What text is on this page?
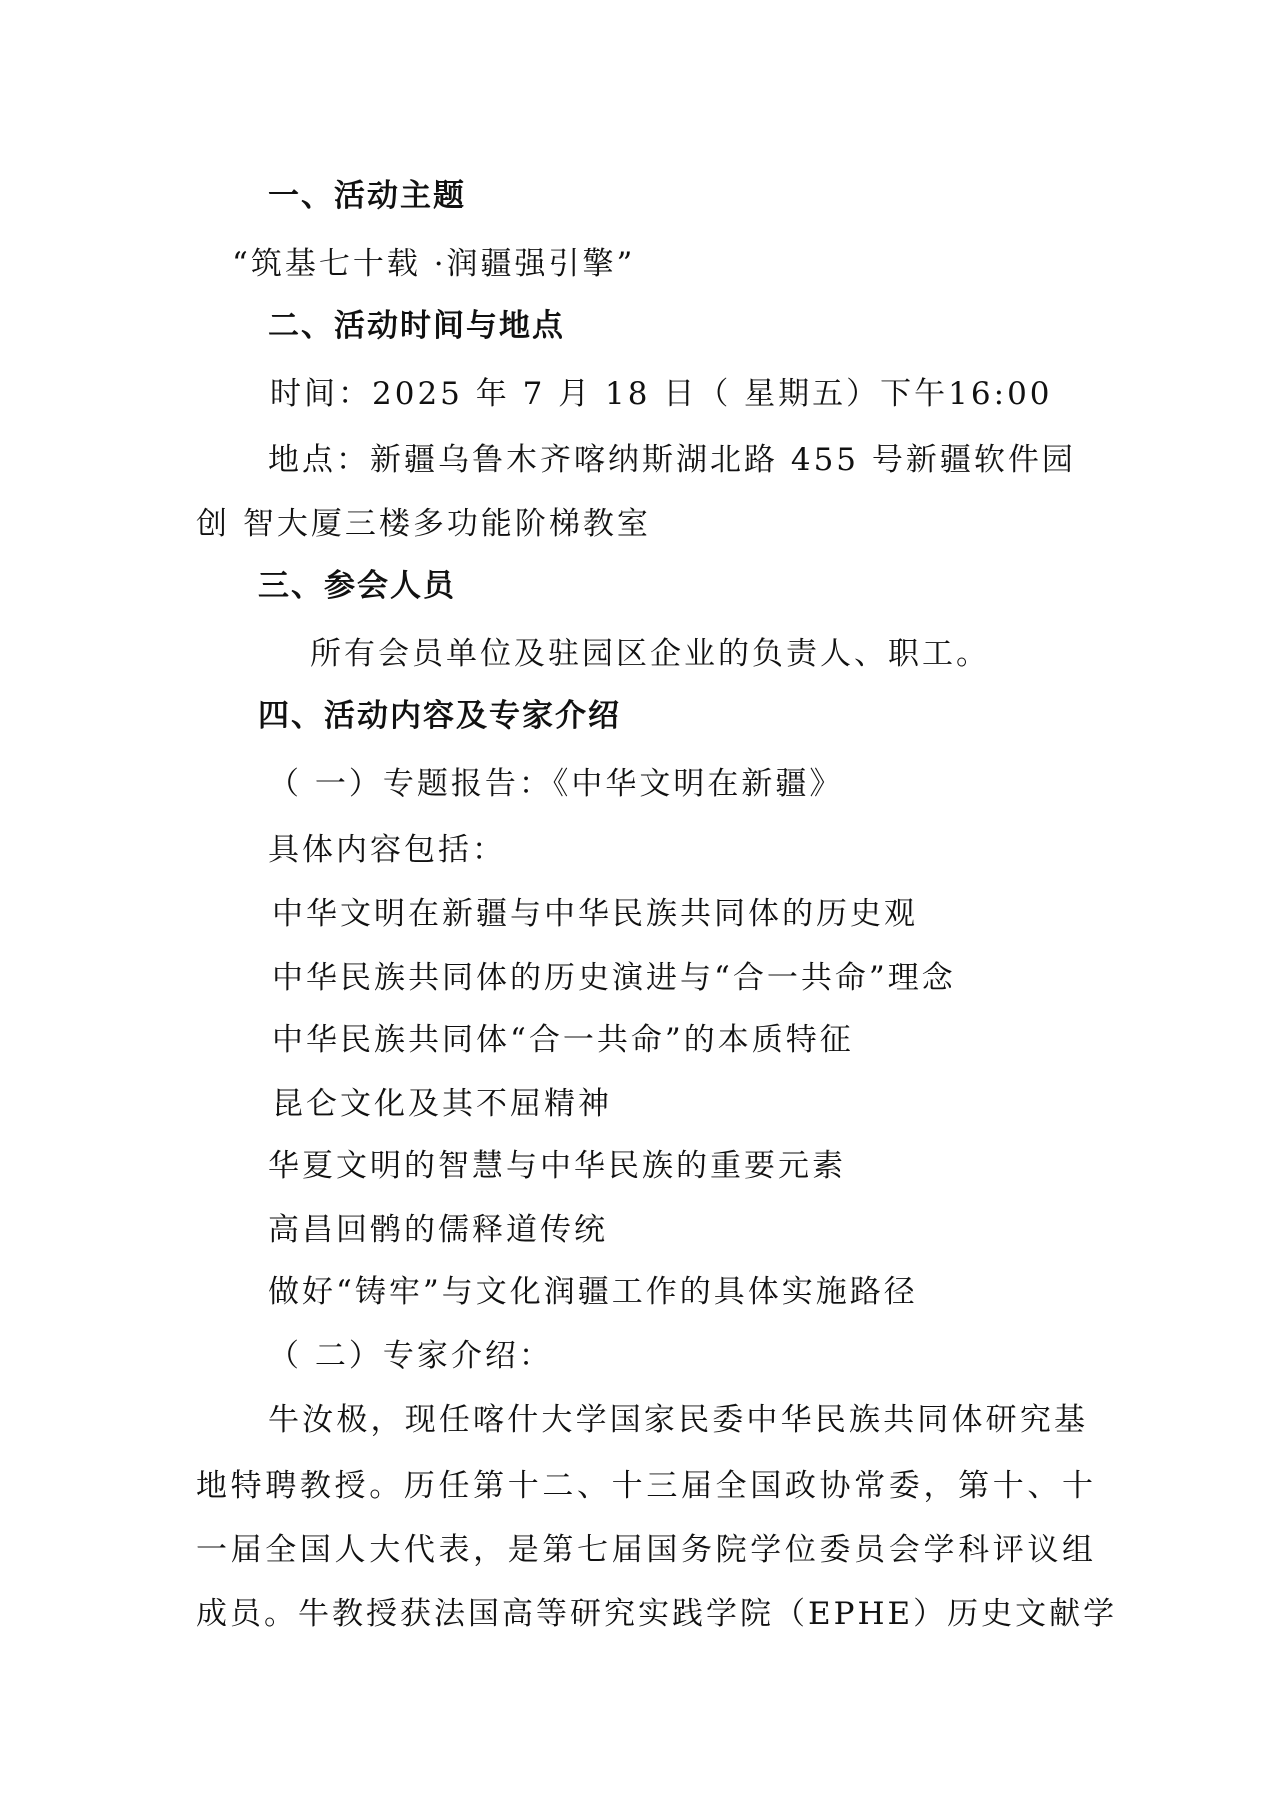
一、活动主题
“筑基七十载 ·润疆强引擎”
二、活动时间与地点
时间：2025 年 7 月 18 日（ 星期五）下午16:00
地点：新疆乌鲁木齐喀纳斯湖北路 455 号新疆软件园
创 智大厦三楼多功能阶梯教室
三、参会人员
所有会员单位及驻园区企业的负责人、职工。
四、活动内容及专家介绍
（ 一）专题报告：《中华文明在新疆》
具体内容包括：
中华文明在新疆与中华民族共同体的历史观
中华民族共同体的历史演进与“合一共命”理念
中华民族共同体“合一共命”的本质特征
昆仑文化及其不屈精神
华夏文明的智慧与中华民族的重要元素
高昌回鹘的儒释道传统
做好“铸牢”与文化润疆工作的具体实施路径
（ 二）专家介绍：
牛汝极，现任喀什大学国家民委中华民族共同体研究基
地特聘教授。历任第十二、十三届全国政协常委，第十、十
一届全国人大代表，是第七届国务院学位委员会学科评议组
成员。牛教授获法国高等研究实践学院（EPHE）历史文献学
